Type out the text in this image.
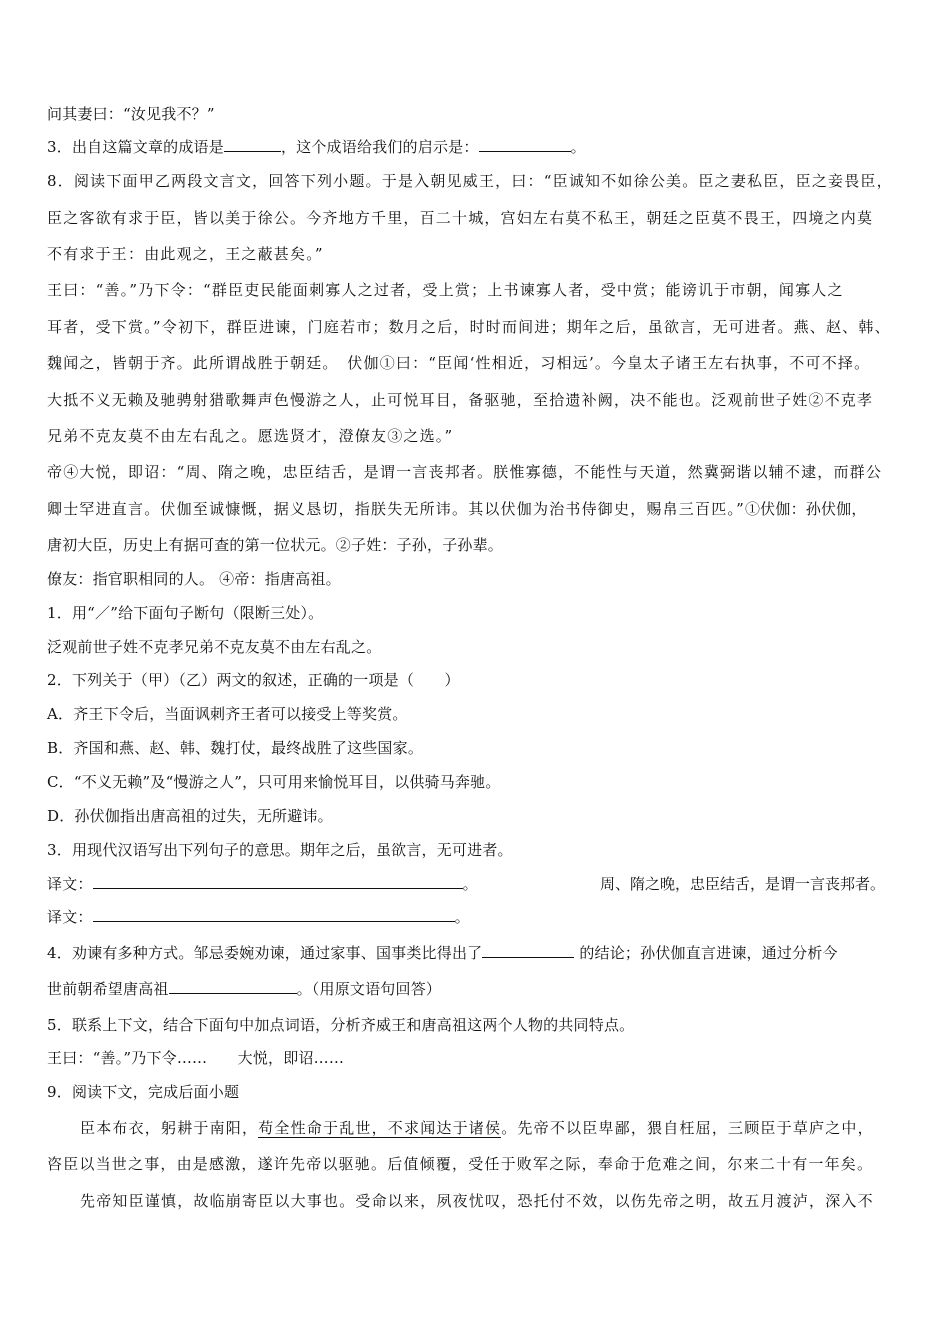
问其妻曰：“汝见我不？”
3．出自这篇文章的成语是	，这个成语给我们的启示是：	。
8．阅读下面甲乙两段文言文，回答下列小题。于是入朝见威王，曰：“臣诚知不如徐公美。臣之妻私臣，臣之妾畏臣，
臣之客欲有求于臣，皆以美于徐公。今齐地方千里，百二十城，宫妇左右莫不私王，朝廷之臣莫不畏王，四境之内莫
不有求于王：由此观之，王之蔽甚矣。”
王曰：“善。”乃下令：“群臣吏民能面刺寡人之过者，受上赏；上书谏寡人者，受中赏；能谤讥于市朝，闻寡人之
耳者，受下赏。”令初下，群臣进谏，门庭若市；数月之后，时时而间进；期年之后，虽欲言，无可进者。燕、赵、韩、
魏闻之，皆朝于齐。此所谓战胜于朝廷。　伏伽①曰：“臣闻‘性相近，习相远’。今皇太子诸王左右执事，不可不择。
大抵不义无赖及驰骋射猎歌舞声色慢游之人，止可悦耳目，备驱驰，至拾遗补阙，决不能也。泛观前世子姓②不克孝
兄弟不克友莫不由左右乱之。愿选贤才，澄僚友③之选。”
帝④大悦，即诏：“周、隋之晚，忠臣结舌，是谓一言丧邦者。朕惟寡德，不能性与天道，然冀弼谐以辅不逮，而群公
卿士罕进直言。伏伽至诚慷慨，据义恳切，指朕失无所讳。其以伏伽为治书侍御史，赐帛三百匹。”①伏伽：孙伏伽，
唐初大臣，历史上有据可查的第一位状元。②子姓：子孙，子孙辈。
僚友：指官职相同的人。 ④帝：指唐高祖。
1．用“／”给下面句子断句（限断三处）。
泛观前世子姓不克孝兄弟不克友莫不由左右乱之。
2．下列关于（甲）（乙）两文的叙述，正确的一项是（　　）
A．齐王下令后，当面讽刺齐王者可以接受上等奖赏。
B．齐国和燕、赵、韩、魏打仗，最终战胜了这些国家。
C．“不义无赖”及“慢游之人”，只可用来愉悦耳目，以供骑马奔驰。
D．孙伏伽指出唐高祖的过失，无所避讳。
3．用现代汉语写出下列句子的意思。期年之后，虽欲言，无可进者。
译文：	。	周、隋之晚，忠臣结舌，是谓一言丧邦者。
译文：	。
4．劝谏有多种方式。邹忌委婉劝谏，通过家事、国事类比得出了	的结论；孙伏伽直言进谏，通过分析今
世前朝希望唐高祖	。（用原文语句回答）
5．联系上下文，结合下面句中加点词语，分析齐威王和唐高祖这两个人物的共同特点。
王曰：“善。”乃下令……　　大悦，即诏……
9．阅读下文，完成后面小题
臣本布衣，躬耕于南阳，苟全性命于乱世，不求闻达于诸侯。先帝不以臣卑鄙，猥自枉屈，三顾臣于草庐之中，
咨臣以当世之事，由是感激，遂许先帝以驱驰。后值倾覆，受任于败军之际，奉命于危难之间，尔来二十有一年矣。
先帝知臣谨慎，故临崩寄臣以大事也。受命以来，夙夜忧叹，恐托付不效，以伤先帝之明，故五月渡泸，深入不
